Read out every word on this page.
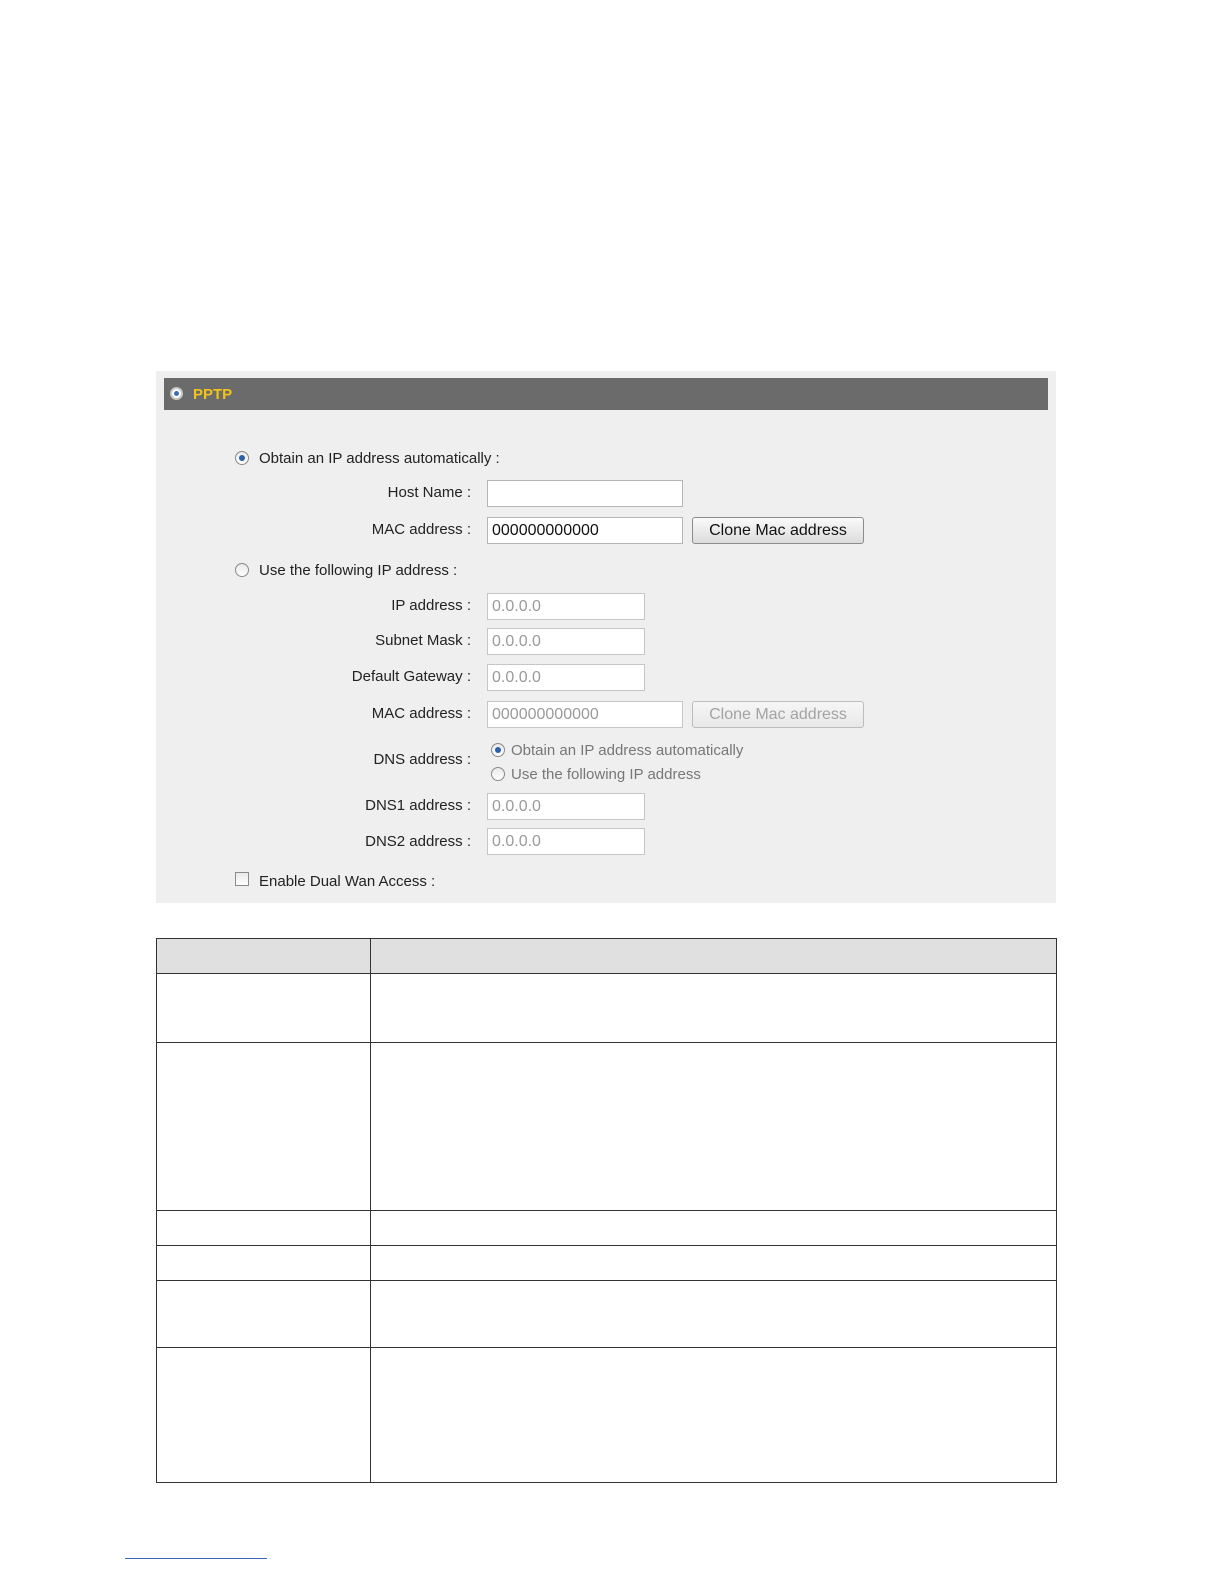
PPTP
Obtain an IP address automatically :
Host Name :
MAC address :	000000000000	Clone Mac address
Use the following IP address :
IP address :	0.0.0.0
Subnet Mask :	0.0.0.0
Default Gateway :	0.0.0.0
MAC address :	000000000000	Clone Mac address
DNS address :
Obtain an IP address automatically
Use the following IP address
DNS1 address :	0.0.0.0
DNS2 address :	0.0.0.0
Enable Dual Wan Access :
